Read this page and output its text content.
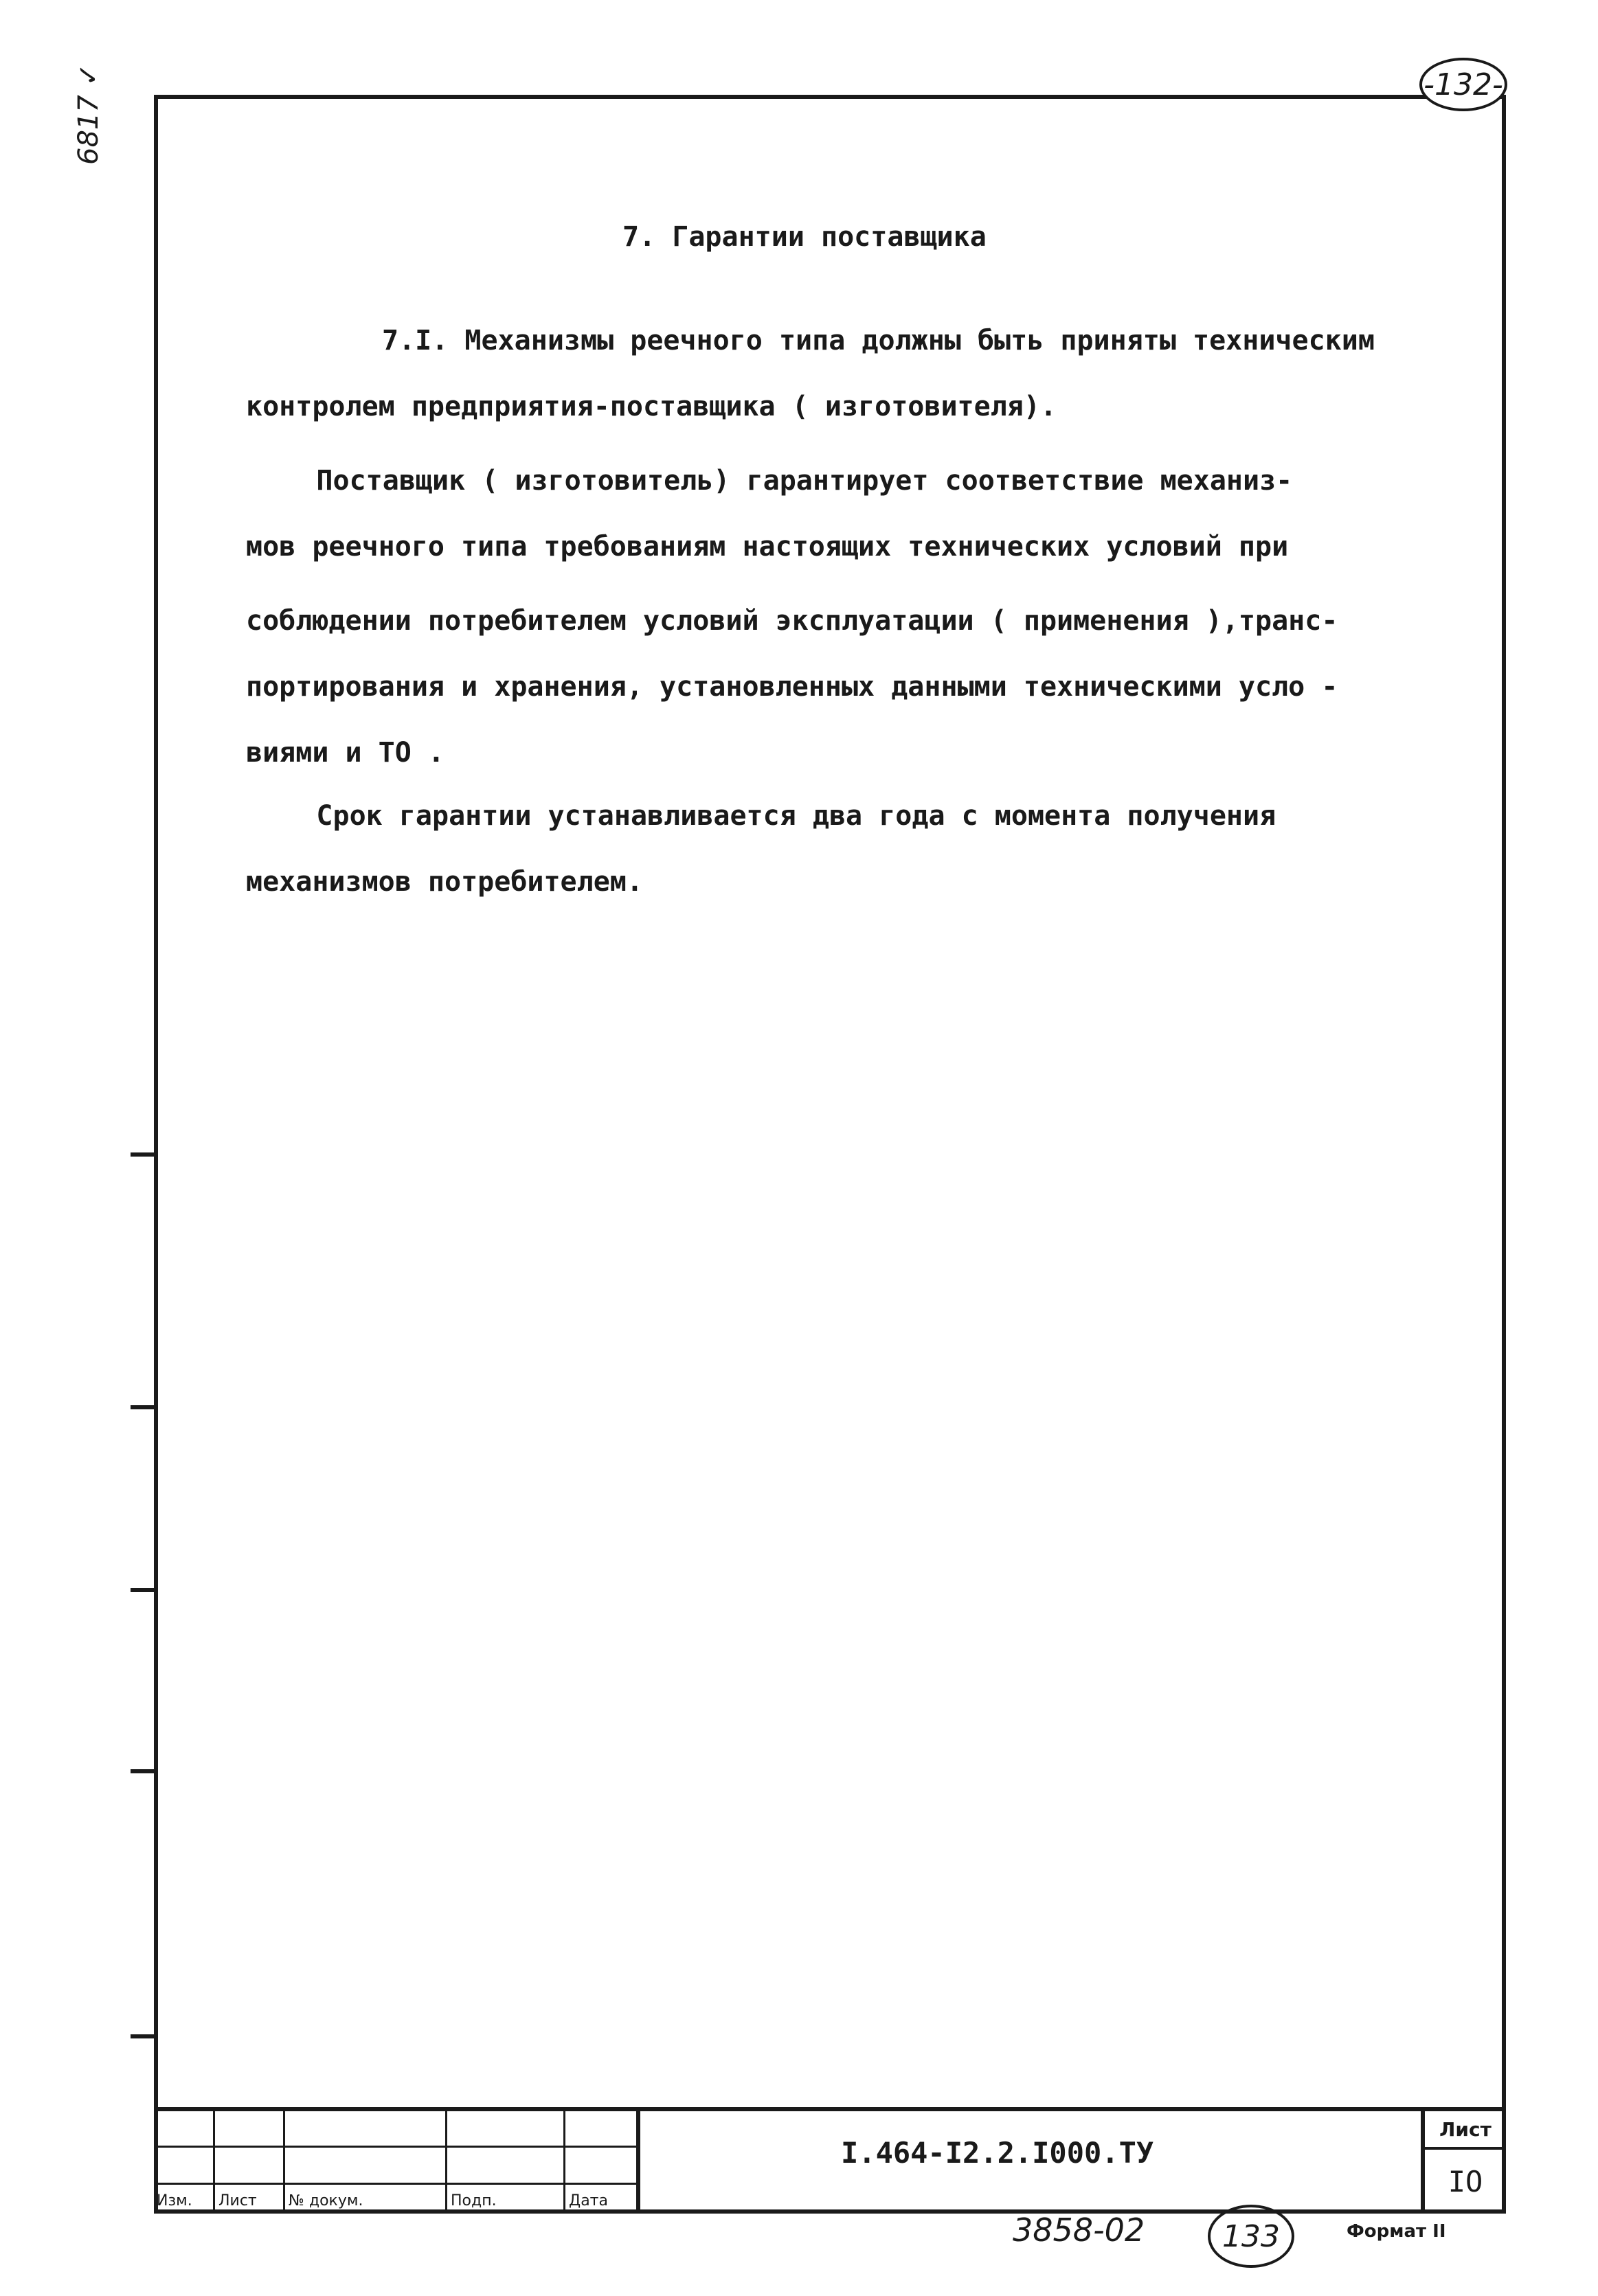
-132-
6817 ✓
7. Гарантии поставщика

7.I. Механизмы реечного типа должны быть приняты техническим

контролем предприятия-поставщика ( изготовителя).

Поставщик ( изготовитель) гарантирует соответствие механиз-

мов реечного типа требованиям настоящих технических условий при

соблюдении потребителем условий эксплуатации ( применения ),транс-

портирования и хранения, установленных данными техническими усло -

виями и ТО .

Срок гарантии устанавливается два года с момента получения

механизмов потребителем.

Изм. Лист № докум.	Подп.	Дата
I.464-I2.2.I000.ТУ
Лист
IO
3858-02	133	Формат II
